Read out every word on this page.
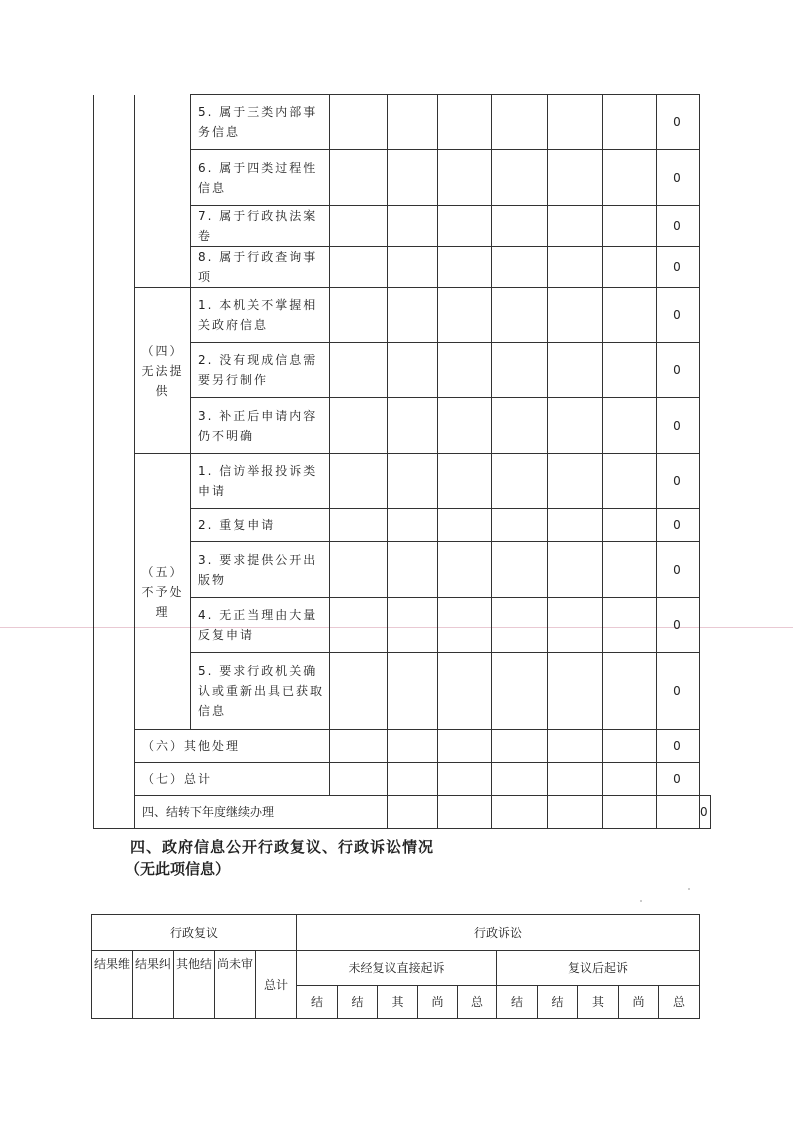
		5. 属于三类内部事务信息							0	
		6. 属于四类过程性信息							0	
		7. 属于行政执法案卷							0	
		8. 属于行政查询事项							0	
	（四）无法提供	1. 本机关不掌握相关政府信息							0	
		2. 没有现成信息需要另行制作							0	
		3. 补正后申请内容仍不明确							0	
	（五）不予处理	1. 信访举报投诉类申请							0	
		2. 重复申请							0	
		3. 要求提供公开出版物							0	
		4. 无正当理由大量反复申请							0	
		5. 要求行政机关确认或重新出具已获取信息							0	
	（六）其他处理								0	
	（七）总计								0	
	四、结转下年度继续办理									0
四、政府信息公开行政复议、行政诉讼情况
（无此项信息）
行政复议					行政诉讼									
结果维	结果纠	其他结	尚未审	总计	未经复议直接起诉					复议后起诉				
					结	结	其	尚	总	结	结	其	尚	总
